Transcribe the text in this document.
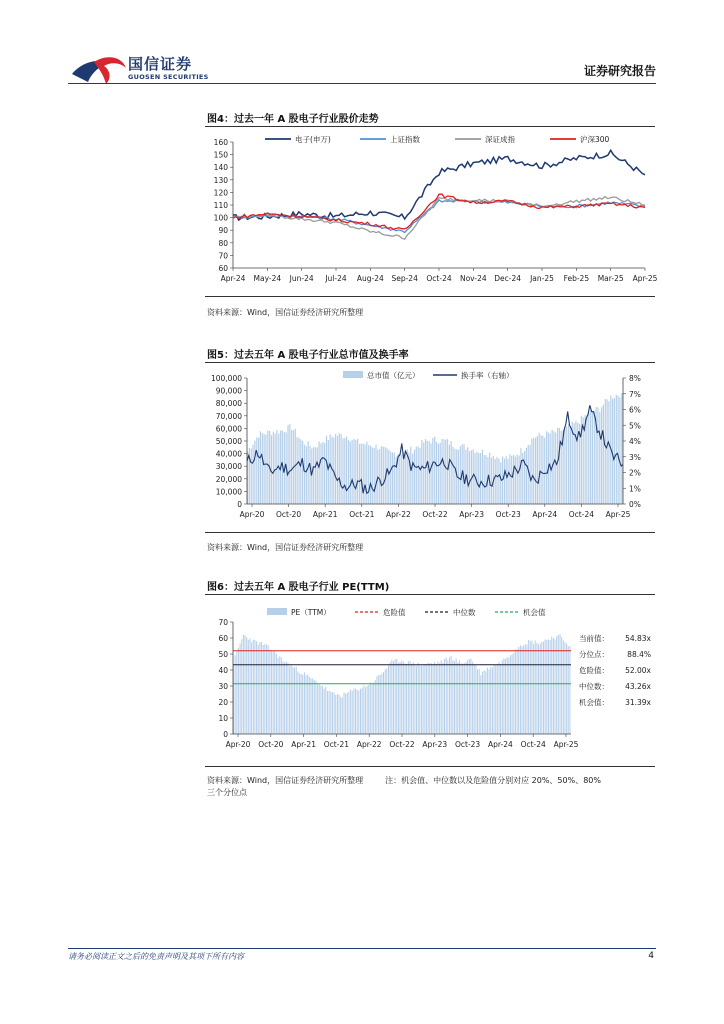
国信证券
GUOSEN SECURITIES	证券研究报告
图4：过去一年 A 股电子行业股价走势
60
70
80
90
100
110
120
130
140
150
160
Apr-24 May-24 Jun-24 Jul-24 Aug-24 Sep-24 Oct-24 Nov-24 Dec-24 Jan-25 Feb-25 Mar-25 Apr-25
电子(申万)	上证指数	深证成指	沪深300
资料来源：Wind，国信证券经济研究所整理
图5：过去五年 A 股电子行业总市值及换手率
0
10,000
20,000
30,000
40,000
50,000
60,000
70,000
80,000
90,000
100,000
0%
1%
2%
3%
4%
5%
6%
7%
8%
Apr-20 Oct-20 Apr-21 Oct-21 Apr-22 Oct-22 Apr-23 Oct-23 Apr-24 Oct-24 Apr-25
总市值（亿元）	换手率（右轴）
资料来源：Wind，国信证券经济研究所整理
图6：过去五年 A 股电子行业 PE(TTM)
0
10
20
30
40
50
60
70
Apr-20 Oct-20 Apr-21 Oct-21 Apr-22 Oct-22 Apr-23 Oct-23 Apr-24 Oct-24 Apr-25
PE（TTM）	危险值	中位数	机会值
当前值： 54.83x
分位点： 88.4%
危险值： 52.00x
中位数： 43.26x
机会值： 31.39x
资料来源：Wind，国信证券经济研究所整理	注：机会值、中位数以及危险值分别对应 20%、50%、80%
三个分位点
请务必阅读正文之后的免责声明及其项下所有内容	4
